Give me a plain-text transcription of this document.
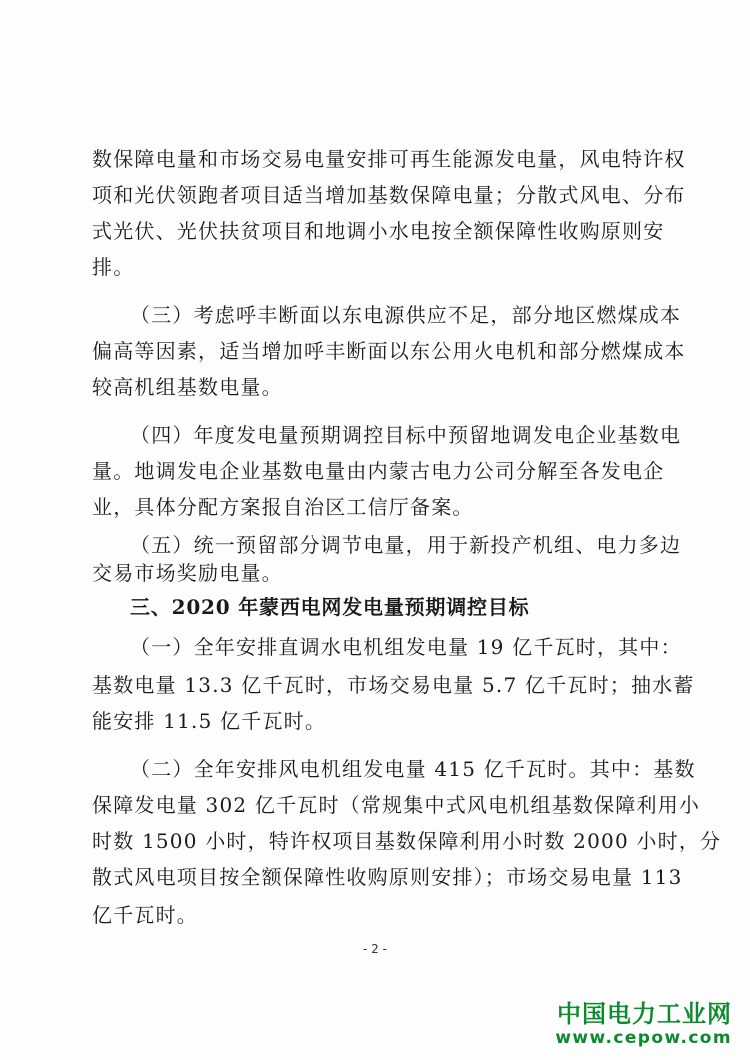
数保障电量和市场交易电量安排可再生能源发电量，风电特许权
项和光伏领跑者项目适当增加基数保障电量；分散式风电、分布
式光伏、光伏扶贫项目和地调小水电按全额保障性收购原则安
排。
（三）考虑呼丰断面以东电源供应不足，部分地区燃煤成本
偏高等因素，适当增加呼丰断面以东公用火电机和部分燃煤成本
较高机组基数电量。
（四）年度发电量预期调控目标中预留地调发电企业基数电
量。地调发电企业基数电量由内蒙古电力公司分解至各发电企
业，具体分配方案报自治区工信厅备案。
（五）统一预留部分调节电量，用于新投产机组、电力多边
交易市场奖励电量。
三、2020 年蒙西电网发电量预期调控目标
（一）全年安排直调水电机组发电量 19 亿千瓦时，其中：
基数电量 13.3 亿千瓦时，市场交易电量 5.7 亿千瓦时；抽水蓄
能安排 11.5 亿千瓦时。
（二）全年安排风电机组发电量 415 亿千瓦时。其中：基数
保障发电量 302 亿千瓦时（常规集中式风电机组基数保障利用小
时数 1500 小时，特许权项目基数保障利用小时数 2000 小时，分
散式风电项目按全额保障性收购原则安排）；市场交易电量 113
亿千瓦时。
- 2 -
中国电力工业网
www.cepow.com
